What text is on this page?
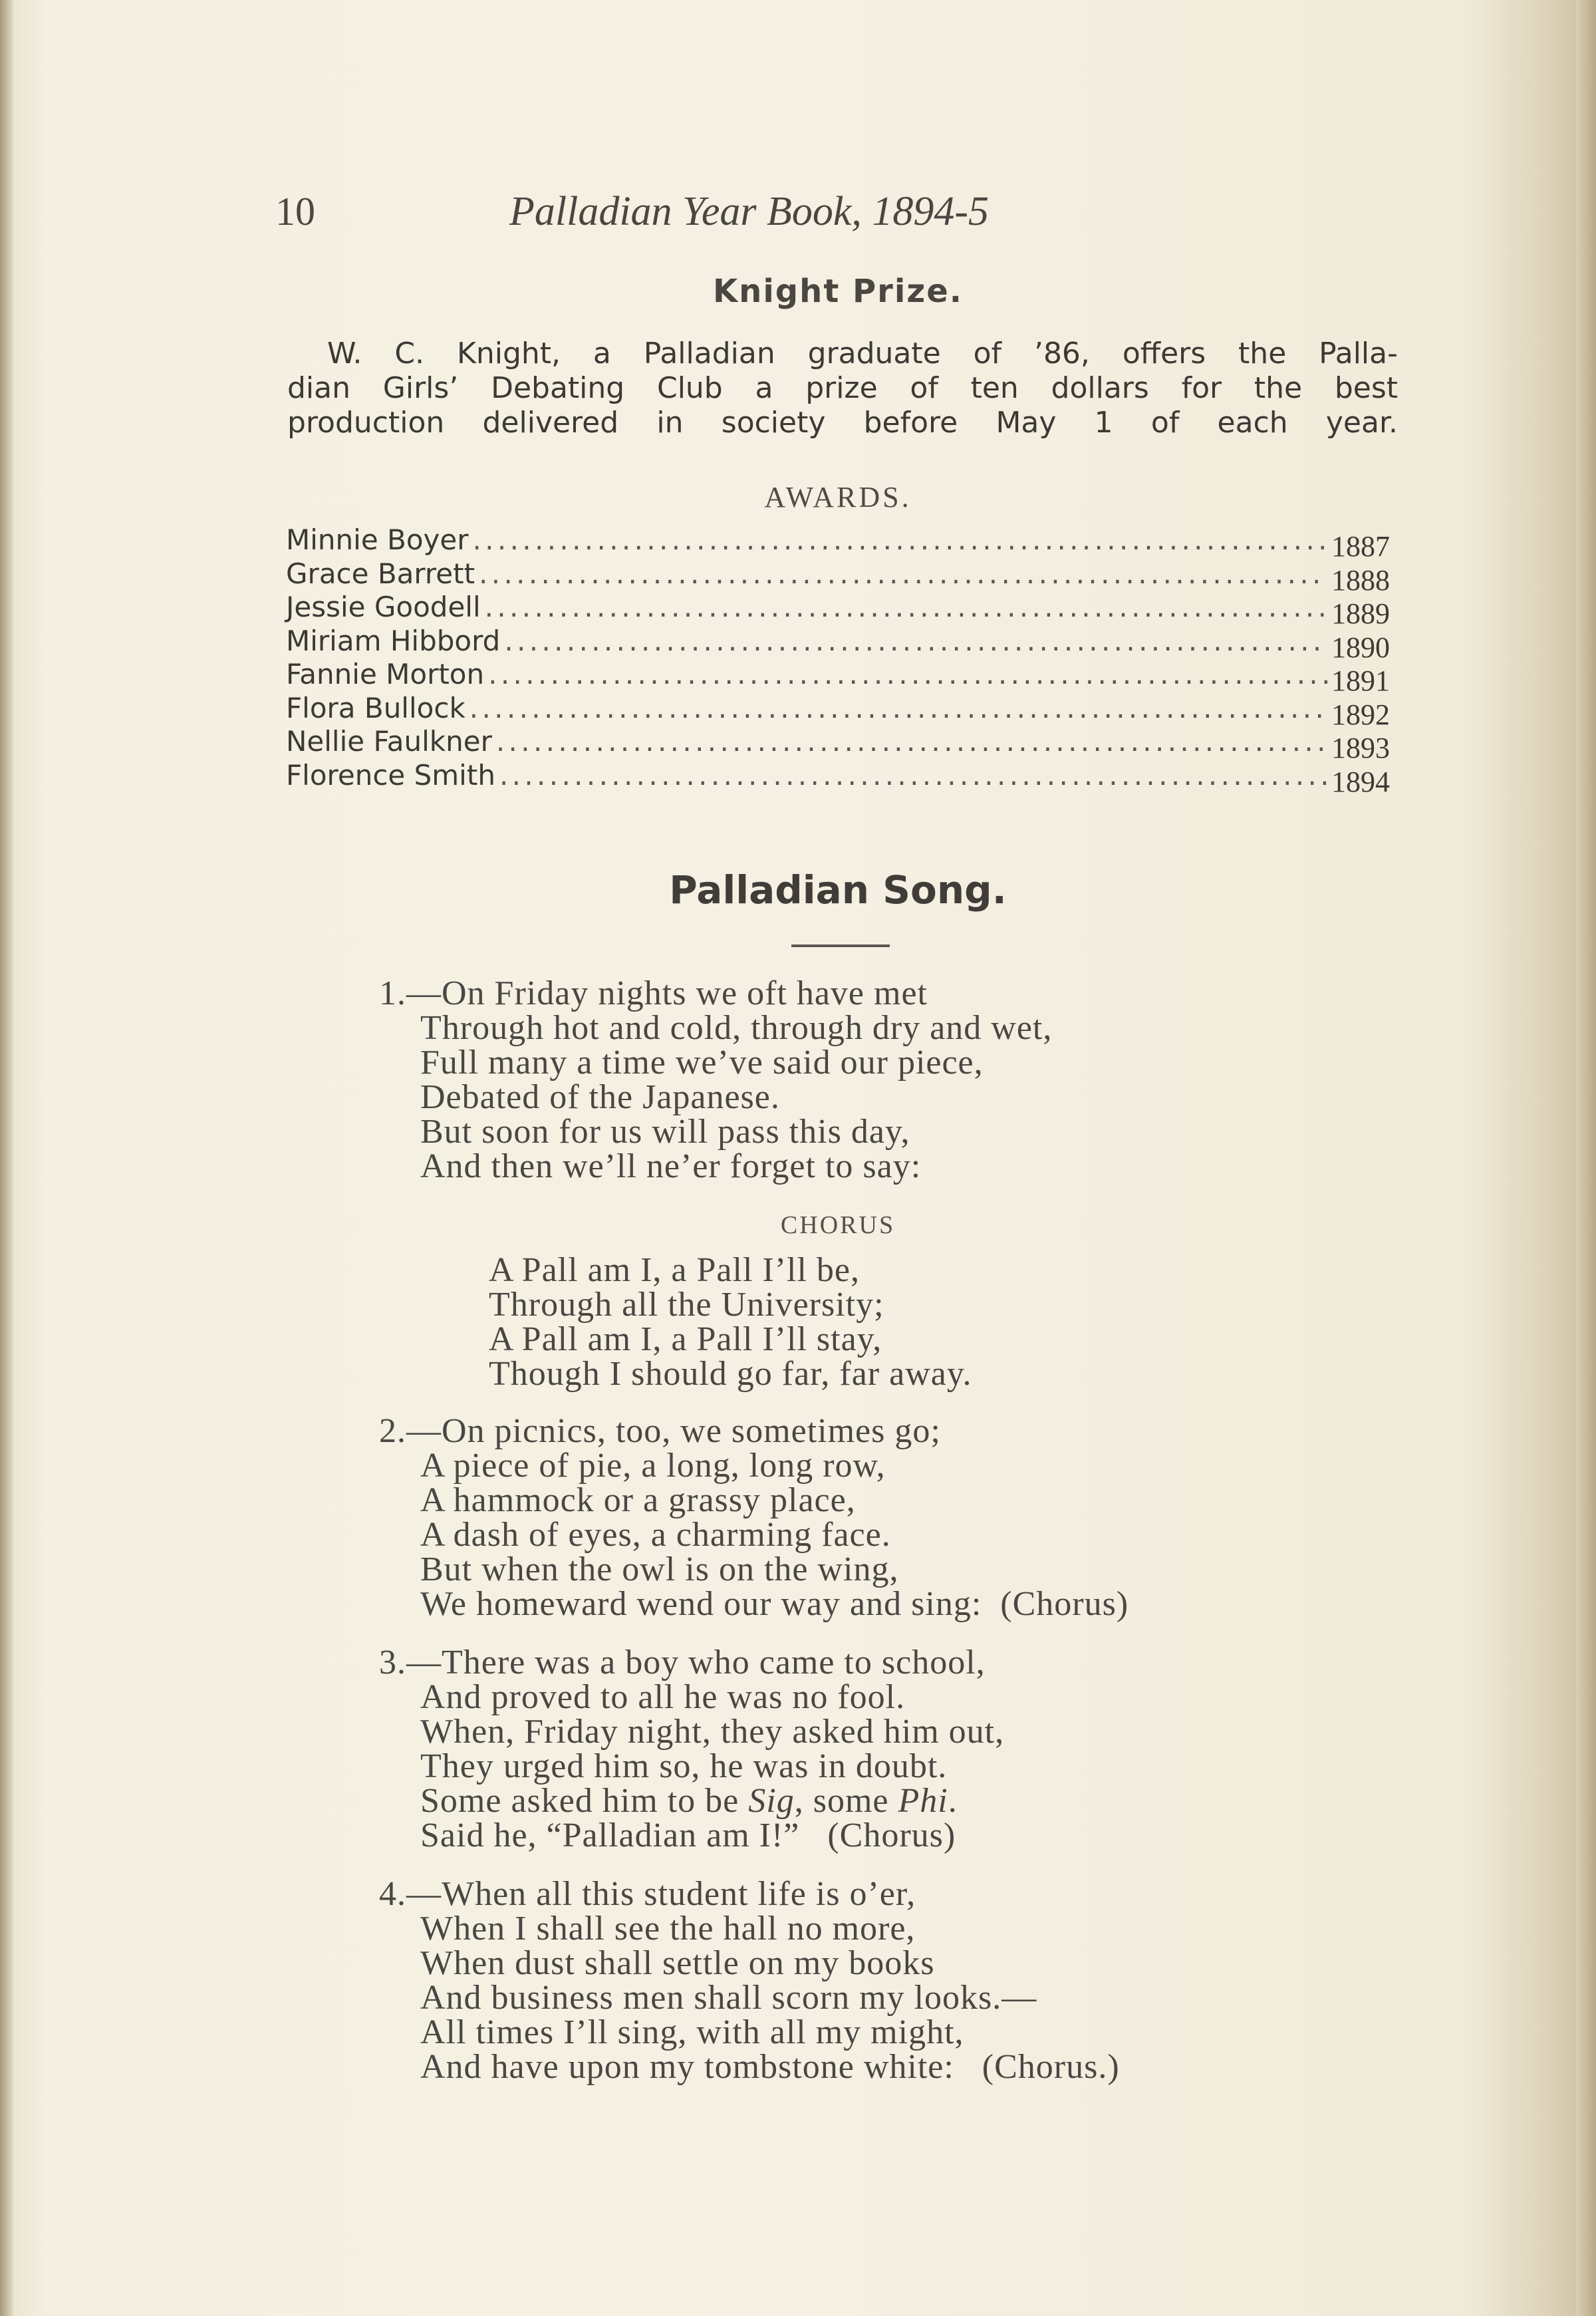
10	Palladian Year Book, 1894-5
Knight Prize.
W. C. Knight, a Palladian graduate of ’86, offers the Palla-
dian Girls’ Debating Club a prize of ten dollars for the best
production delivered in society before May 1 of each year.
AWARDS.
Minnie Boyer . . .	1887
Grace Barrett . . .	1888
Jessie Goodell . . .	1889
Miriam Hibbord . . .	1890
Fannie Morton . . .	1891
Flora Bullock . . .	1892
Nellie Faulkner . . .	1893
Florence Smith . . .	1894
Palladian Song.
1.—On Friday nights we oft have met
Through hot and cold, through dry and wet,
Full many a time we’ve said our piece,
Debated of the Japanese.
But soon for us will pass this day,
And then we’ll ne’er forget to say:
CHORUS
A Pall am I, a Pall I’ll be,
Through all the University;
A Pall am I, a Pall I’ll stay,
Though I should go far, far away.
2.—On picnics, too, we sometimes go;
A piece of pie, a long, long row,
A hammock or a grassy place,
A dash of eyes, a charming face.
But when the owl is on the wing,
We homeward wend our way and sing: (Chorus)
3.—There was a boy who came to school,
And proved to all he was no fool.
When, Friday night, they asked him out,
They urged him so, he was in doubt.
Some asked him to be Sig, some Phi.
Said he, “Palladian am I!” (Chorus)
4.—When all this student life is o’er,
When I shall see the hall no more,
When dust shall settle on my books
And business men shall scorn my looks.—
All times I’ll sing, with all my might,
And have upon my tombstone white: (Chorus.)
